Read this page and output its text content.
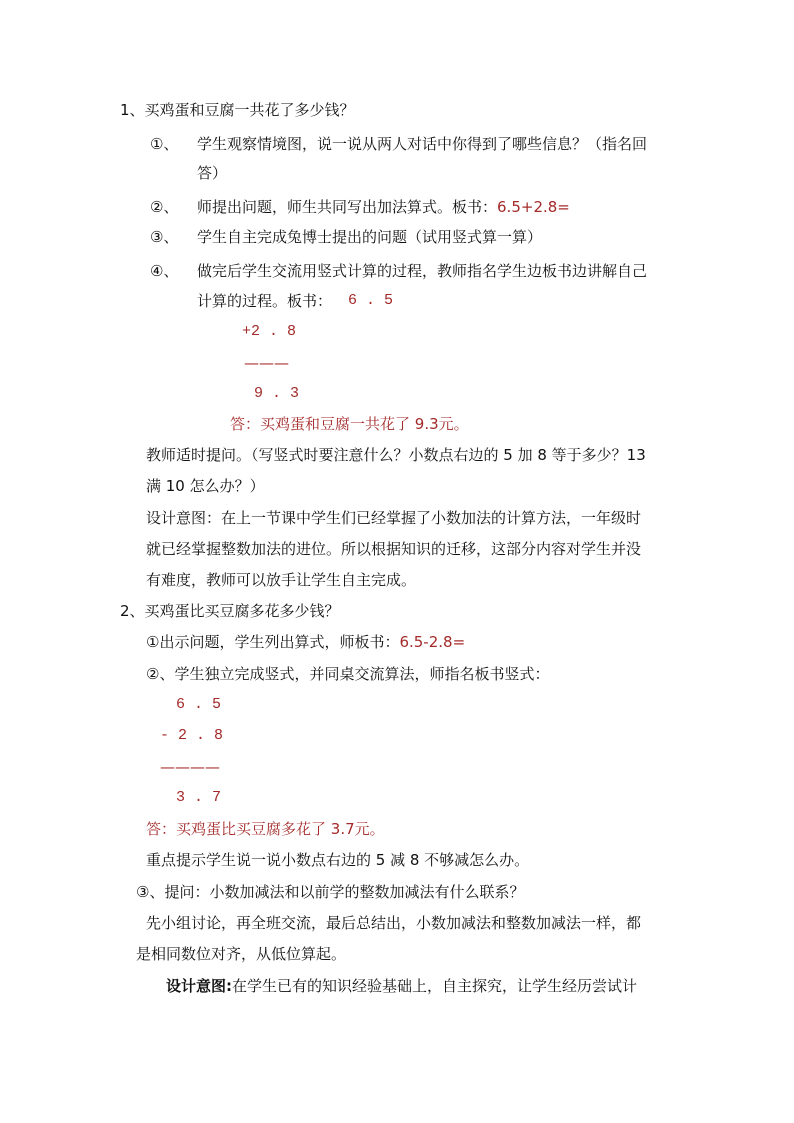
1、买鸡蛋和豆腐一共花了多少钱？
①、 学生观察情境图，说一说从两人对话中你得到了哪些信息？（指名回
答）
②、 师提出问题，师生共同写出加法算式。板书：6.5+2.8=
③、 学生自主完成兔博士提出的问题（试用竖式算一算）
④、 做完后学生交流用竖式计算的过程，教师指名学生边板书边讲解自己
计算的过程。板书： 6 . 5
+2 . 8
———
9 . 3
答：买鸡蛋和豆腐一共花了 9.3元。
教师适时提问。（写竖式时要注意什么？小数点右边的 5 加 8 等于多少？13
满 10 怎么办？）
设计意图：在上一节课中学生们已经掌握了小数加法的计算方法，一年级时
就已经掌握整数加法的进位。所以根据知识的迁移，这部分内容对学生并没
有难度，教师可以放手让学生自主完成。
2、买鸡蛋比买豆腐多花多少钱？
①出示问题，学生列出算式，师板书：6.5-2.8=
②、学生独立完成竖式，并同桌交流算法，师指名板书竖式：
6 . 5
- 2 . 8
————
3 . 7
答：买鸡蛋比买豆腐多花了 3.7元。
重点提示学生说一说小数点右边的 5 减 8 不够减怎么办。
③、提问：小数加减法和以前学的整数加减法有什么联系？
先小组讨论，再全班交流，最后总结出，小数加减法和整数加减法一样，都
是相同数位对齐，从低位算起。
设计意图:在学生已有的知识经验基础上，自主探究，让学生经历尝试计
